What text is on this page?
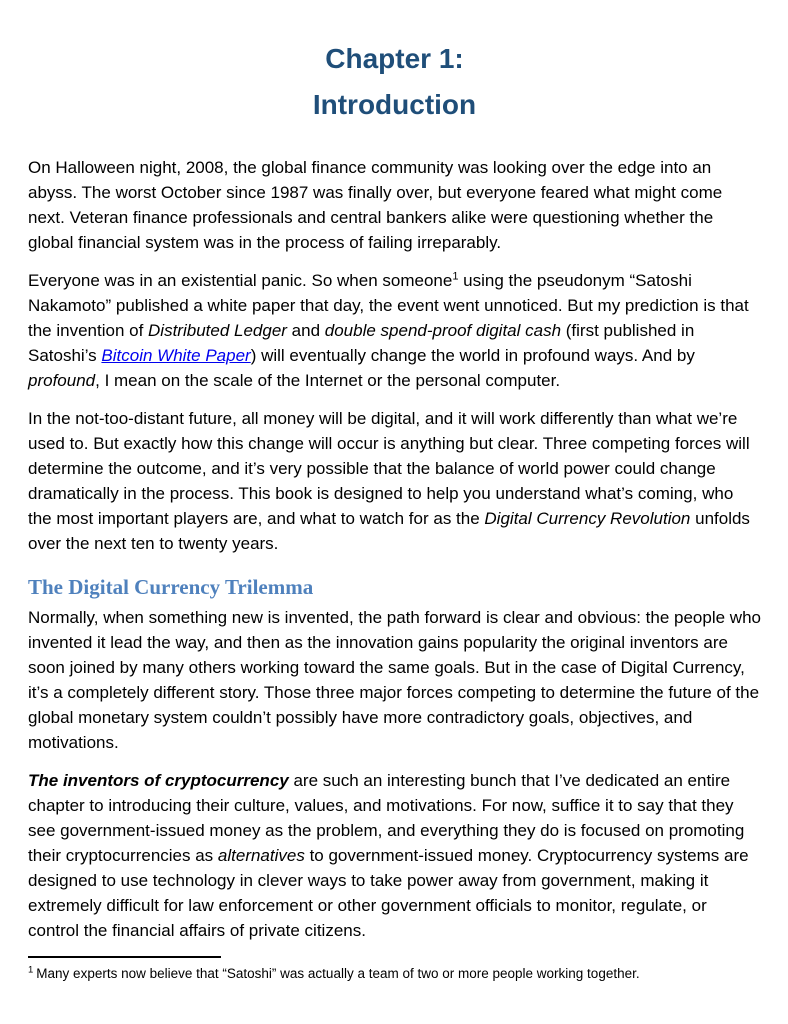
Chapter 1:
Introduction

On Halloween night, 2008, the global finance community was looking over the edge into an abyss. The worst October since 1987 was finally over, but everyone feared what might come next. Veteran finance professionals and central bankers alike were questioning whether the global financial system was in the process of failing irreparably.

Everyone was in an existential panic. So when someone$^1$ using the pseudonym “Satoshi Nakamoto” published a white paper that day, the event went unnoticed. But my prediction is that the invention of Distributed Ledger and double spend-proof digital cash (first published in Satoshi’s Bitcoin White Paper) will eventually change the world in profound ways. And by profound, I mean on the scale of the Internet or the personal computer.

In the not-too-distant future, all money will be digital, and it will work differently than what we’re used to. But exactly how this change will occur is anything but clear. Three competing forces will determine the outcome, and it’s very possible that the balance of world power could change dramatically in the process. This book is designed to help you understand what’s coming, who the most important players are, and what to watch for as the Digital Currency Revolution unfolds over the next ten to twenty years.

The Digital Currency Trilemma

Normally, when something new is invented, the path forward is clear and obvious: the people who invented it lead the way, and then as the innovation gains popularity the original inventors are soon joined by many others working toward the same goals. But in the case of Digital Currency, it’s a completely different story. Those three major forces competing to determine the future of the global monetary system couldn’t possibly have more contradictory goals, objectives, and motivations.

The inventors of cryptocurrency are such an interesting bunch that I’ve dedicated an entire chapter to introducing their culture, values, and motivations. For now, suffice it to say that they see government-issued money as the problem, and everything they do is focused on promoting their cryptocurrencies as alternatives to government-issued money. Cryptocurrency systems are designed to use technology in clever ways to take power away from government, making it extremely difficult for law enforcement or other government officials to monitor, regulate, or control the financial affairs of private citizens.

$^1$ Many experts now believe that “Satoshi” was actually a team of two or more people working together.
